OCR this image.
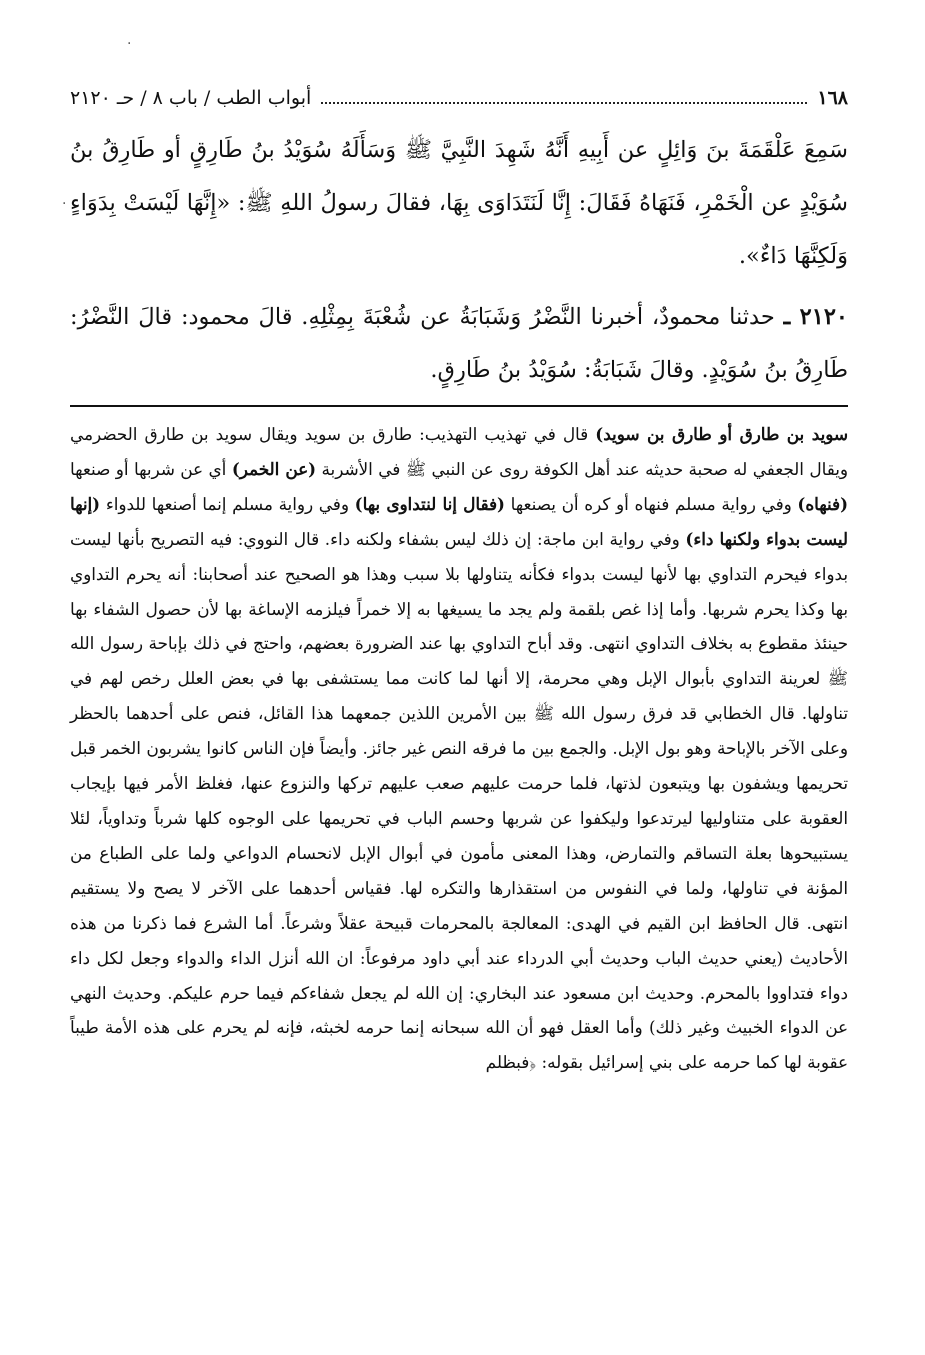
·
·
١٦٨
أبواب الطب / باب ٨ / حـ ٢١٢٠

سَمِعَ عَلْقَمَةَ بنَ وَائِلٍ عن أَبِيهِ أَنَّهُ شَهِدَ النَّبِيَّ ﷺ وَسَأَلَهُ سُوَيْدُ بنُ طَارِقٍ أو طَارِقُ بنُ سُوَيْدٍ عن الْخَمْرِ، فَنَهَاهُ فَقَالَ: إِنَّا لَنَتَدَاوَى بِهَا، فقالَ رسولُ اللهِ ﷺ: «إِنَّهَا لَيْسَتْ بِدَوَاءٍ وَلَكِنَّهَا دَاءٌ».

٢١٢٠ ـ حدثنا محمودٌ، أخبرنا النَّضْرُ وَشَبَابَةُ عن شُعْبَةَ بِمِثْلِهِ. قالَ محمود: قالَ النَّضْرُ: طَارِقُ بنُ سُوَيْدٍ. وقالَ شَبَابَةُ: سُوَيْدُ بنُ طَارِقٍ.

سويد بن طارق أو طارق بن سويد) قال في تهذيب التهذيب: طارق بن سويد ويقال سويد بن طارق الحضرمي ويقال الجعفي له صحبة حديثه عند أهل الكوفة روى عن النبي ﷺ في الأشربة (عن الخمر) أي عن شربها أو صنعها (فنهاه) وفي رواية مسلم فنهاه أو كره أن يصنعها (فقال إنا لنتداوى بها) وفي رواية مسلم إنما أصنعها للدواء (إنها ليست بدواء ولكنها داء) وفي رواية ابن ماجة: إن ذلك ليس بشفاء ولكنه داء. قال النووي: فيه التصريح بأنها ليست بدواء فيحرم التداوي بها لأنها ليست بدواء فكأنه يتناولها بلا سبب وهذا هو الصحيح عند أصحابنا: أنه يحرم التداوي بها وكذا يحرم شربها. وأما إذا غص بلقمة ولم يجد ما يسيغها به إلا خمراً فيلزمه الإساغة بها لأن حصول الشفاء بها حينئذ مقطوع به بخلاف التداوي انتهى. وقد أباح التداوي بها عند الضرورة بعضهم، واحتج في ذلك بإباحة رسول الله ﷺ لعرينة التداوي بأبوال الإبل وهي محرمة، إلا أنها لما كانت مما يستشفى بها في بعض العلل رخص لهم في تناولها. قال الخطابي قد فرق رسول الله ﷺ بين الأمرين اللذين جمعهما هذا القائل، فنص على أحدهما بالحظر وعلى الآخر بالإباحة وهو بول الإبل. والجمع بين ما فرقه النص غير جائز. وأيضاً فإن الناس كانوا يشربون الخمر قبل تحريمها ويشفون بها ويتبعون لذتها، فلما حرمت عليهم صعب عليهم تركها والنزوع عنها، فغلظ الأمر فيها بإيجاب العقوبة على متناوليها ليرتدعوا وليكفوا عن شربها وحسم الباب في تحريمها على الوجوه كلها شرباً وتداوياً، لئلا يستبيحوها بعلة التساقم والتمارض، وهذا المعنى مأمون في أبوال الإبل لانحسام الدواعي ولما على الطباع من المؤنة في تناولها، ولما في النفوس من استقذارها والتكره لها. فقياس أحدهما على الآخر لا يصح ولا يستقيم انتهى. قال الحافظ ابن القيم في الهدى: المعالجة بالمحرمات قبيحة عقلاً وشرعاً. أما الشرع فما ذكرنا من هذه الأحاديث (يعني حديث الباب وحديث أبي الدرداء عند أبي داود مرفوعاً: ان الله أنزل الداء والدواء وجعل لكل داء دواء فتداووا بالمحرم. وحديث ابن مسعود عند البخاري: إن الله لم يجعل شفاءكم فيما حرم عليكم. وحديث النهي عن الدواء الخبيث وغير ذلك) وأما العقل فهو أن الله سبحانه إنما حرمه لخبثه، فإنه لم يحرم على هذه الأمة طيباً عقوبة لها كما حرمه على بني إسرائيل بقوله: ﴿فبظلم
